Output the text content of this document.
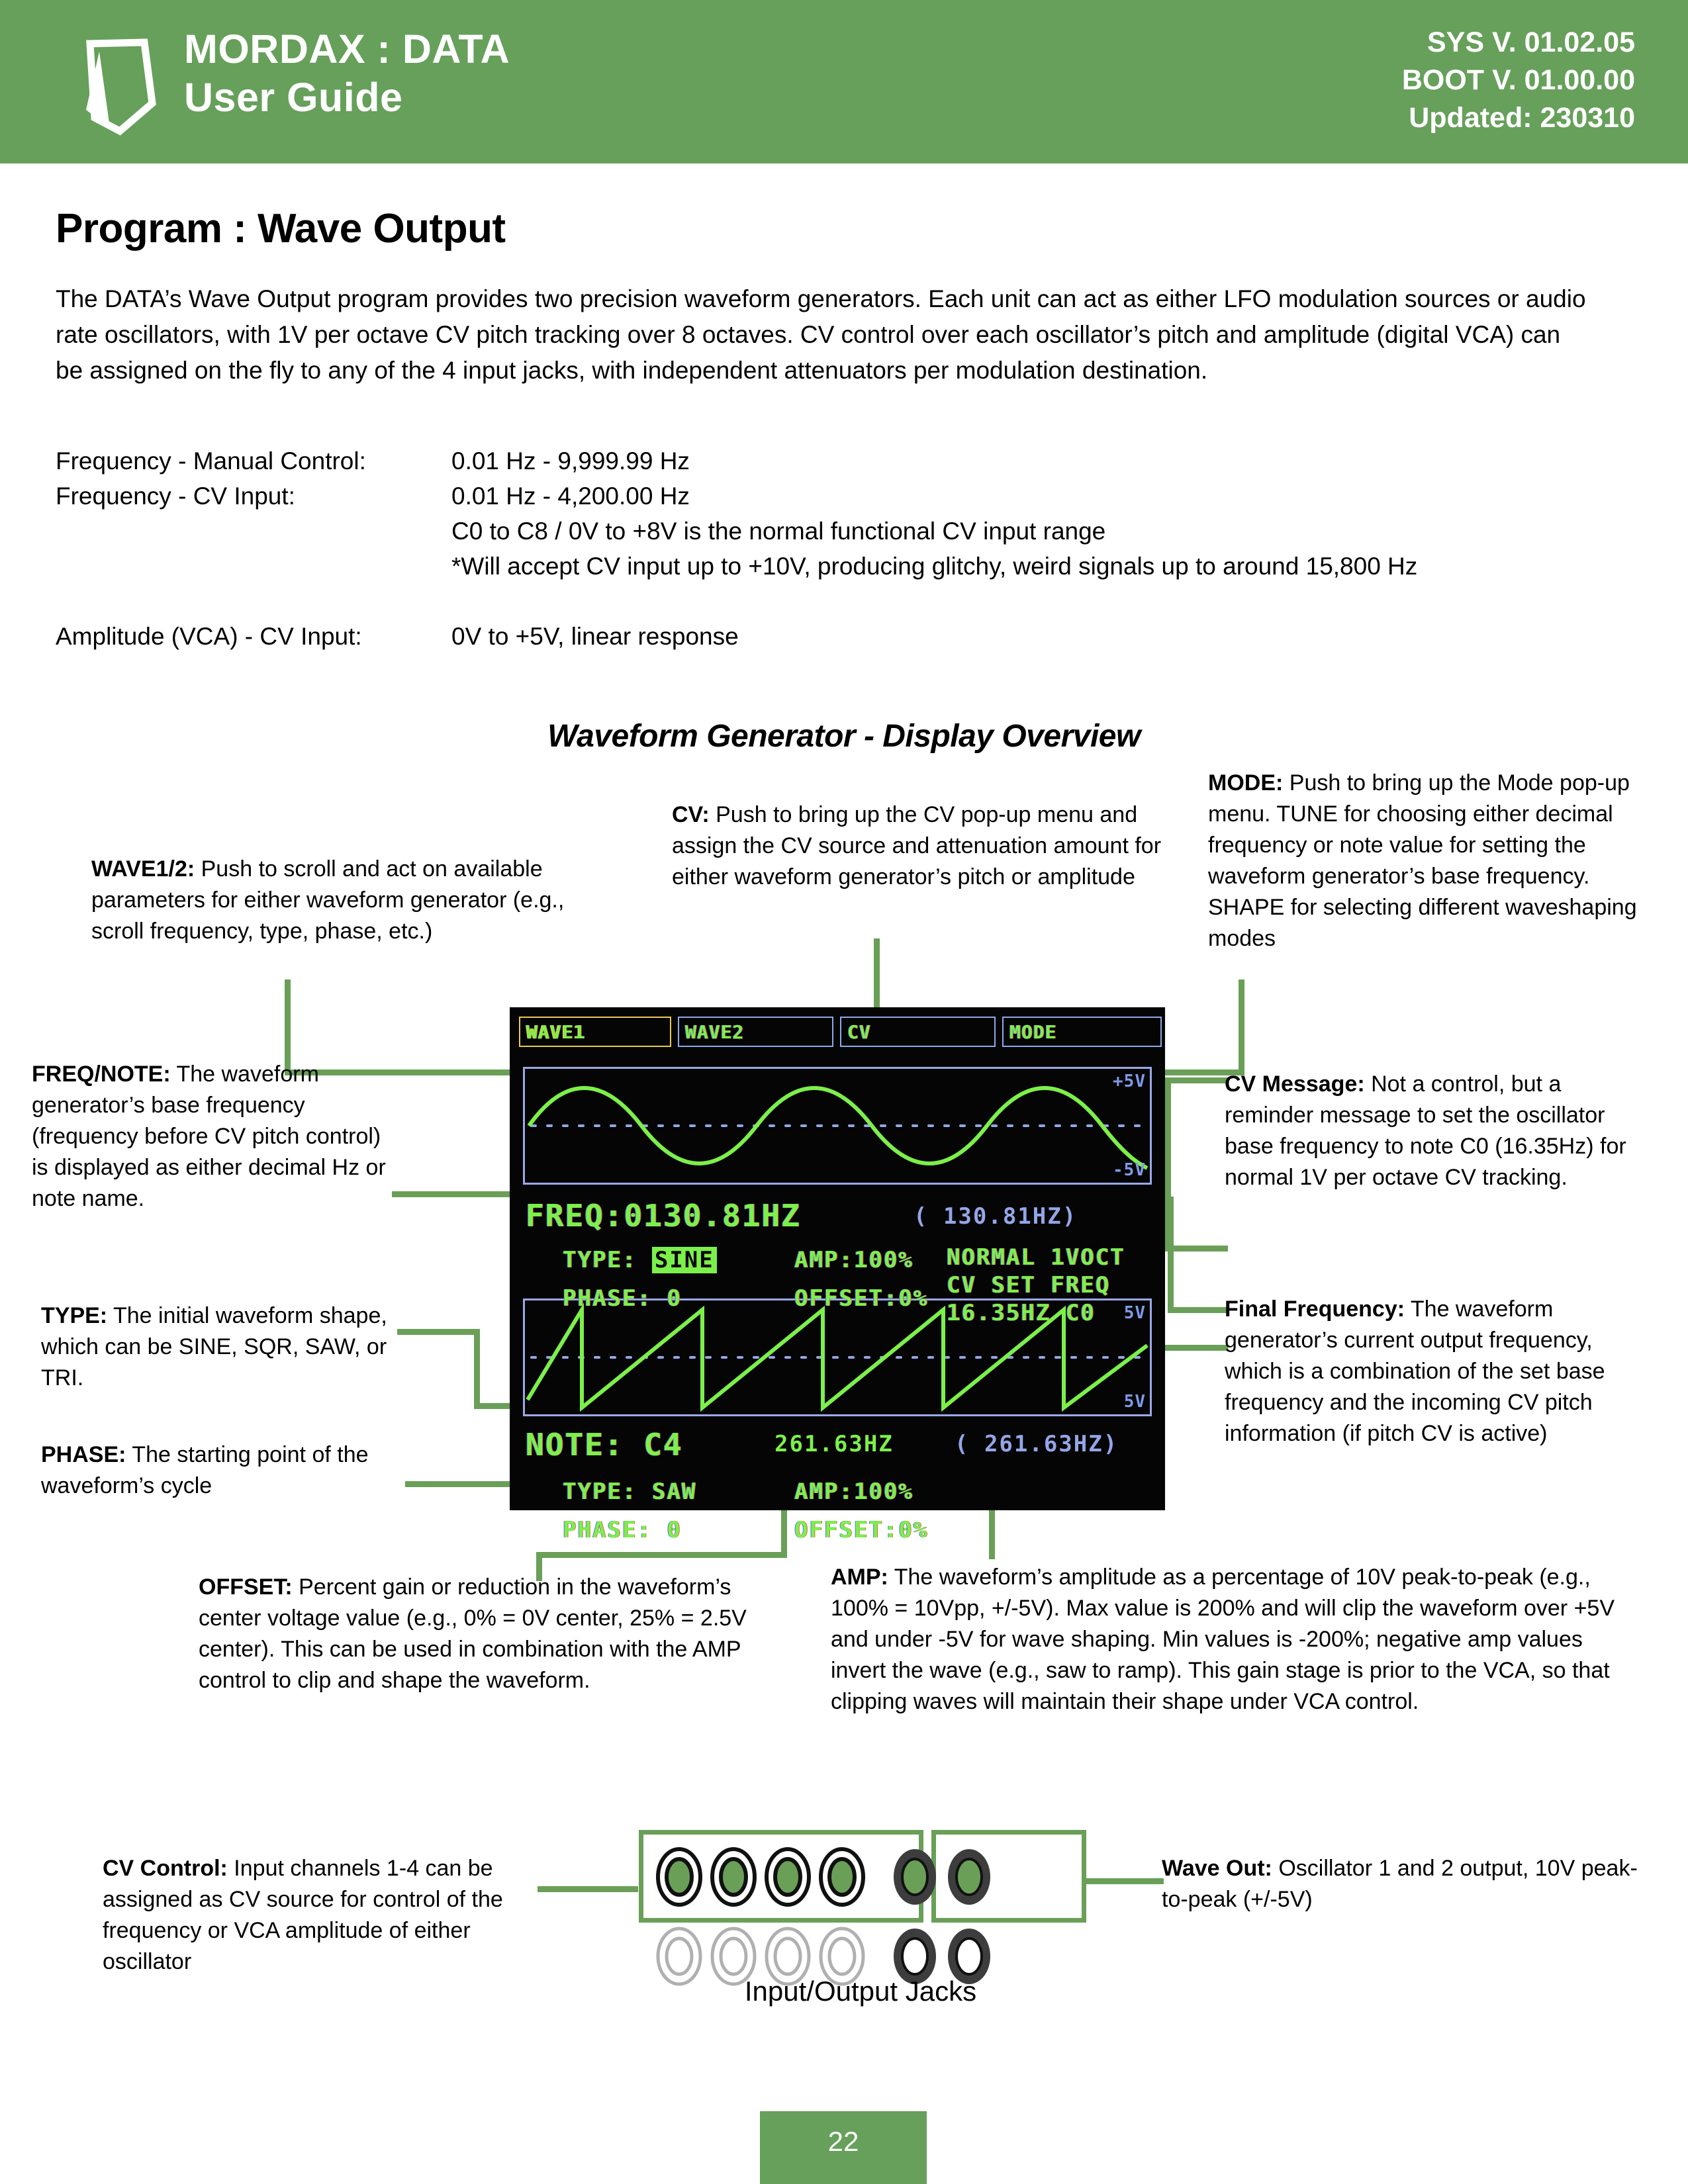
MORDAX : DATA
User Guide
SYS V. 01.02.05
BOOT V. 01.00.00
Updated: 230310
Program : Wave Output
The DATA’s Wave Output program provides two precision waveform generators. Each unit can act as either LFO modulation sources or audio rate oscillators, with 1V per octave CV pitch tracking over 8 octaves. CV control over each oscillator’s pitch and amplitude (digital VCA) can be assigned on the fly to any of the 4 input jacks, with independent attenuators per modulation destination.
Frequency - Manual Control:	0.01 Hz - 9,999.99 Hz
Frequency - CV Input:	0.01 Hz - 4,200.00 Hz
C0 to C8 / 0V to +8V is the normal functional CV input range
*Will accept CV input up to +10V, producing glitchy, weird signals up to around 15,800 Hz
Amplitude (VCA) - CV Input:	0V to +5V, linear response
Waveform Generator - Display Overview
WAVE1/2: Push to scroll and act on available parameters for either waveform generator (e.g., scroll frequency, type, phase, etc.)
FREQ/NOTE: The waveform generator’s base frequency (frequency before CV pitch control) is displayed as either decimal Hz or note name.
TYPE: The initial waveform shape, which can be SINE, SQR, SAW, or TRI.
PHASE: The starting point of the waveform’s cycle
CV: Push to bring up the CV pop-up menu and assign the CV source and attenuation amount for either waveform generator’s pitch or amplitude
MODE: Push to bring up the Mode pop-up menu. TUNE for choosing either decimal frequency or note value for setting the waveform generator’s base frequency. SHAPE for selecting different waveshaping modes
CV Message: Not a control, but a reminder message to set the oscillator base frequency to note C0 (16.35Hz) for normal 1V per octave CV tracking.
Final Frequency: The waveform generator’s current output frequency, which is a combination of the set base frequency and the incoming CV pitch information (if pitch CV is active)
OFFSET: Percent gain or reduction in the waveform’s center voltage value (e.g., 0% = 0V center, 25% = 2.5V center). This can be used in combination with the AMP control to clip and shape the waveform.
AMP: The waveform’s amplitude as a percentage of 10V peak-to-peak (e.g., 100% = 10Vpp, +/-5V). Max value is 200% and will clip the waveform over +5V and under -5V for wave shaping. Min values is -200%; negative amp values invert the wave (e.g., saw to ramp). This gain stage is prior to the VCA, so that clipping waves will maintain their shape under VCA control.
CV Control: Input channels 1-4 can be assigned as CV source for control of the frequency or VCA amplitude of either oscillator
Wave Out: Oscillator 1 and 2 output, 10V peak-to-peak (+/-5V)
WAVE1	WAVE2	CV	MODE
+5V
-5V
5V
5V
FREQ:0130.81HZ	( 130.81HZ)
TYPE: SINE	AMP:100%
PHASE: 0	OFFSET:0%
NORMAL 1VOCT
CV SET FREQ
16.35HZ C0
NOTE: C4	261.63HZ	( 261.63HZ)
TYPE: SAW	AMP:100%
PHASE: 0	OFFSET:0%
Input/Output Jacks
22
